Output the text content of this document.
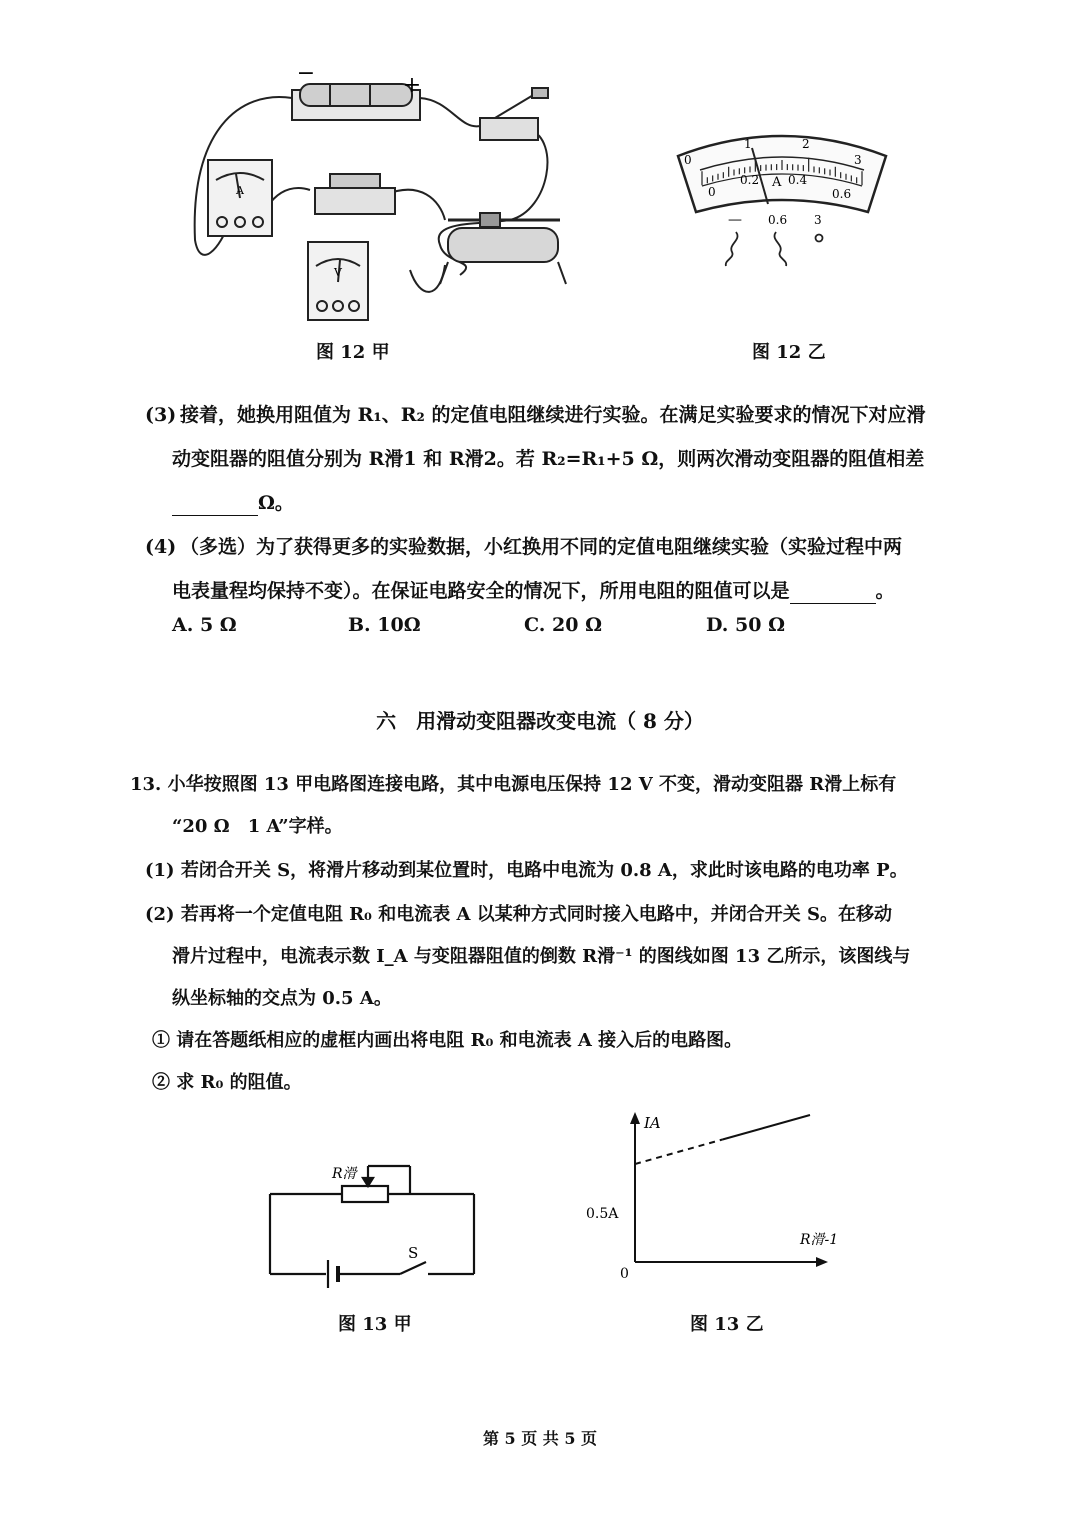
−	+
A
V
图 12 甲
0
1	2
3
0
0.2 A 0.4
0.6
— 0.6 3
图 12 乙
(3) 接着，她换用阻值为 R₁、R₂ 的定值电阻继续进行实验。在满足实验要求的情况下对应滑
动变阻器的阻值分别为 R滑1 和 R滑2。若 R₂=R₁+5 Ω，则两次滑动变阻器的阻值相差
Ω。
(4) （多选）为了获得更多的实验数据，小红换用不同的定值电阻继续实验（实验过程中两
电表量程均保持不变）。在保证电路安全的情况下，所用电阻的阻值可以是	。
A. 5 Ω	B. 10Ω	C. 20 Ω	D. 50 Ω
六　用滑动变阻器改变电流（ 8 分）
13. 小华按照图 13 甲电路图连接电路，其中电源电压保持 12 V 不变，滑动变阻器 R滑上标有
“20 Ω　1 A”字样。
(1) 若闭合开关 S，将滑片移动到某位置时，电路中电流为 0.8 A，求此时该电路的电功率 P。
(2) 若再将一个定值电阻 R₀ 和电流表 A 以某种方式同时接入电路中，并闭合开关 S。在移动
滑片过程中，电流表示数 I_A 与变阻器阻值的倒数 R滑⁻¹ 的图线如图 13 乙所示，该图线与
纵坐标轴的交点为 0.5 A。
① 请在答题纸相应的虚框内画出将电阻 R₀ 和电流表 A 接入后的电路图。
② 求 R₀ 的阻值。
R滑
S
图 13 甲
IA
R滑-1
0
0.5A
图 13 乙
第 5 页 共 5 页
